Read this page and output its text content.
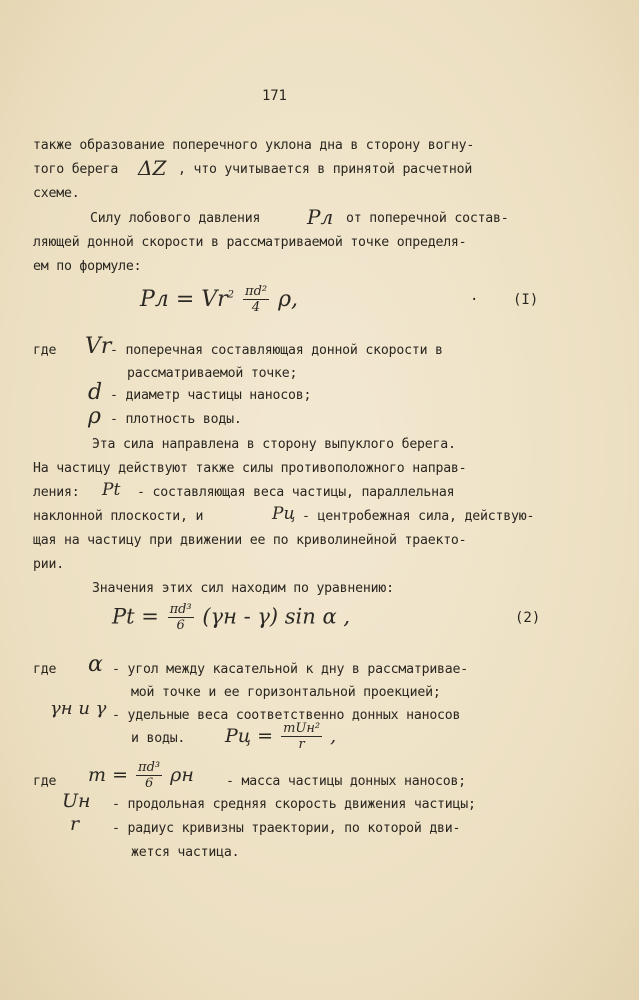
171
также образование поперечного уклона дна в сторону вогну-
того берега ΔZ , что учитывается в принятой расчетной
схеме.
Силу лобового давления Pл от поперечной состав-
ляющей донной скорости в рассматриваемой точке определя-
ем по формуле:
Pл = $Vr^2 \frac{\text{πd²}}{4} \rho$,	· (I)
где Vr
- поперечная составляющая донной скорости в
рассматриваемой точке;
d - диаметр частицы наносов;
ρ - плотность воды.
Эта сила направлена в сторону выпуклого берега.
На частицу действуют также силы противоположного направ-
ления: Pt - составляющая веса частицы, параллельная
наклонной плоскости, и	Pц - центробежная сила, действую-
щая на частицу при движении ее по криволинейной траекто-
рии.
Значения этих сил находим по уравнению:
$Pt = \frac{\text{πd³}}{6} (\gamma н - \gamma)$ sin α ,	(2)
где α - угол между касательной к дну в рассматривае-
мой точке и ее горизонтальной проекцией;
γн и γ - удельные веса соответственно донных наносов
и воды. Pц = $\frac{\text{mUн²}}{r}$ ,
где $m = \frac{\text{πd³}}{6}$ ρн - масса частицы донных наносов;
Uн - продольная средняя скорость движения частицы;
r - радиус кривизны траектории, по которой дви-
жется частица.
